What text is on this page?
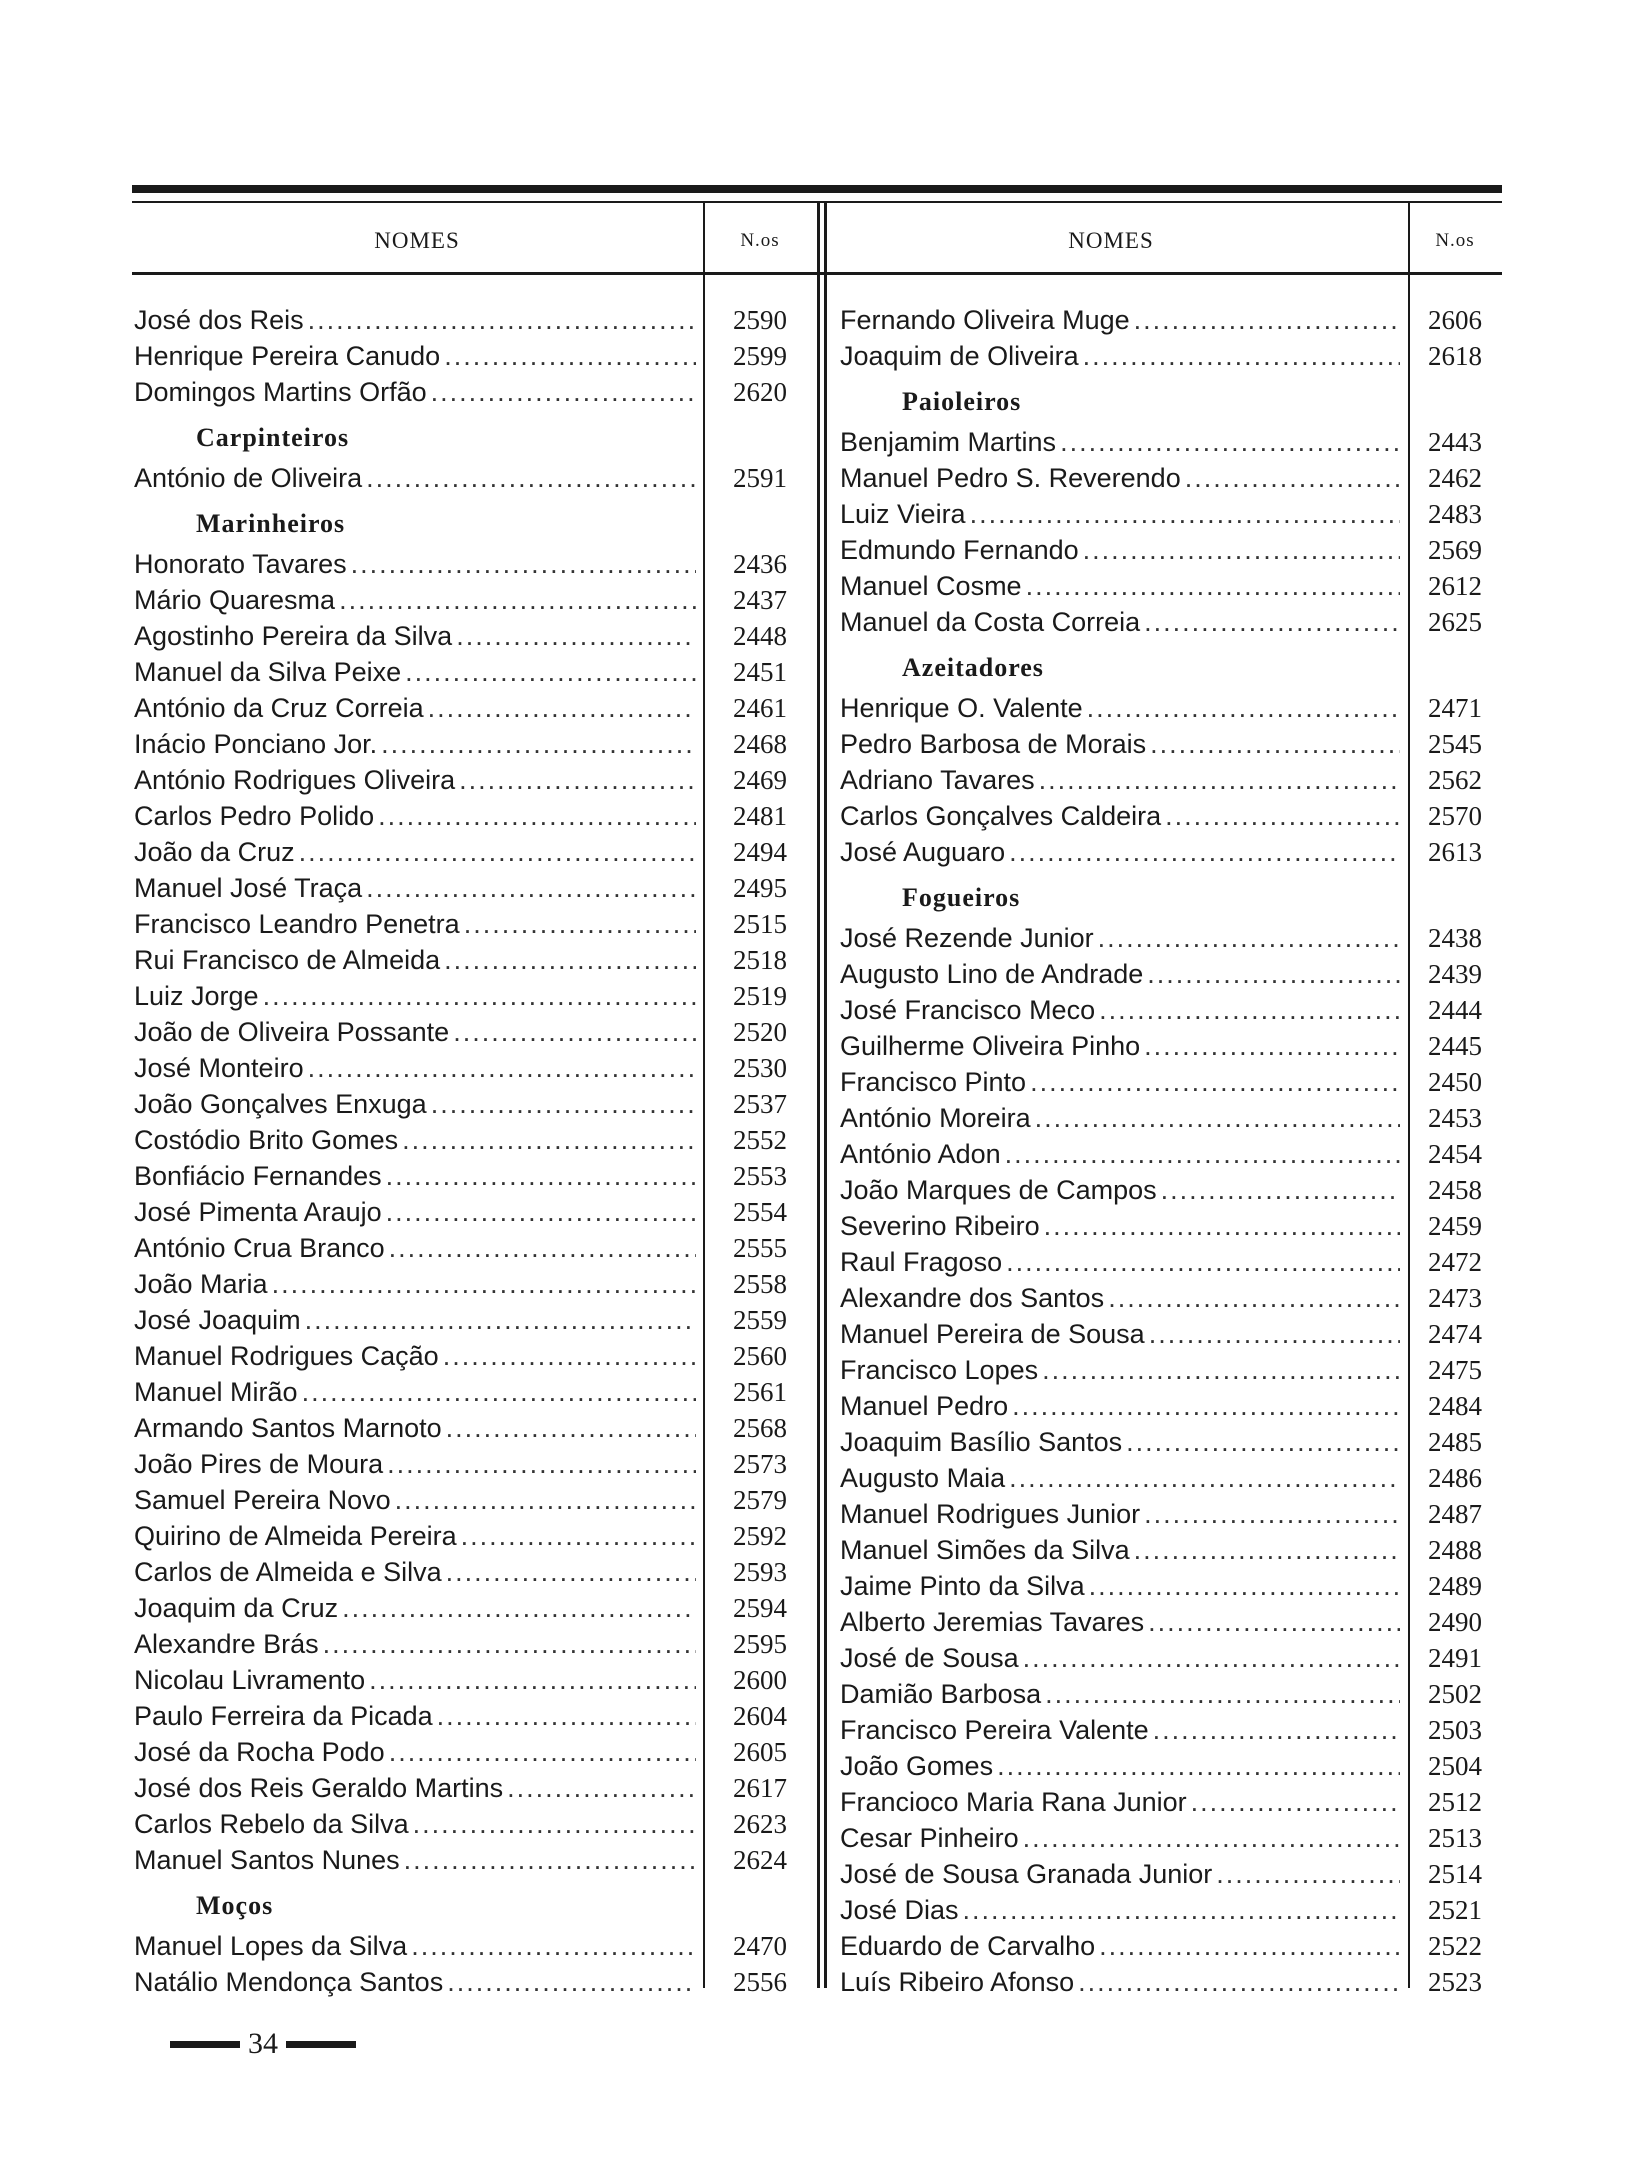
NOMES	N.os	NOMES	N.os
José dos Reis .....	2590
Henrique Pereira Canudo .....	2599
Domingos Martins Orfão .....	2620
Carpinteiros
António de Oliveira .....	2591
Marinheiros
Honorato Tavares .....	2436
Mário Quaresma .....	2437
Agostinho Pereira da Silva .....	2448
Manuel da Silva Peixe .....	2451
António da Cruz Correia .....	2461
Inácio Ponciano Jor. .....	2468
António Rodrigues Oliveira .....	2469
Carlos Pedro Polido .....	2481
João da Cruz .....	2494
Manuel José Traça .....	2495
Francisco Leandro Penetra .....	2515
Rui Francisco de Almeida .....	2518
Luiz Jorge .....	2519
João de Oliveira Possante .....	2520
José Monteiro .....	2530
João Gonçalves Enxuga .....	2537
Costódio Brito Gomes .....	2552
Bonfiácio Fernandes .....	2553
José Pimenta Araujo .....	2554
António Crua Branco .....	2555
João Maria .....	2558
José Joaquim .....	2559
Manuel Rodrigues Cação .....	2560
Manuel Mirão .....	2561
Armando Santos Marnoto .....	2568
João Pires de Moura .....	2573
Samuel Pereira Novo .....	2579
Quirino de Almeida Pereira .....	2592
Carlos de Almeida e Silva .....	2593
Joaquim da Cruz .....	2594
Alexandre Brás .....	2595
Nicolau Livramento .....	2600
Paulo Ferreira da Picada .....	2604
José da Rocha Podo .....	2605
José dos Reis Geraldo Martins .....	2617
Carlos Rebelo da Silva .....	2623
Manuel Santos Nunes .....	2624
Moços
Manuel Lopes da Silva .....	2470
Natálio Mendonça Santos .....	2556
Fernando Oliveira Muge .....	2606
Joaquim de Oliveira .....	2618
Paioleiros
Benjamim Martins .....	2443
Manuel Pedro S. Reverendo .....	2462
Luiz Vieira .....	2483
Edmundo Fernando .....	2569
Manuel Cosme .....	2612
Manuel da Costa Correia .....	2625
Azeitadores
Henrique O. Valente .....	2471
Pedro Barbosa de Morais .....	2545
Adriano Tavares .....	2562
Carlos Gonçalves Caldeira .....	2570
José Auguaro .....	2613
Fogueiros
José Rezende Junior .....	2438
Augusto Lino de Andrade .....	2439
José Francisco Meco .....	2444
Guilherme Oliveira Pinho .....	2445
Francisco Pinto .....	2450
António Moreira .....	2453
António Adon .....	2454
João Marques de Campos .....	2458
Severino Ribeiro .....	2459
Raul Fragoso .....	2472
Alexandre dos Santos .....	2473
Manuel Pereira de Sousa .....	2474
Francisco Lopes .....	2475
Manuel Pedro .....	2484
Joaquim Basílio Santos .....	2485
Augusto Maia .....	2486
Manuel Rodrigues Junior .....	2487
Manuel Simões da Silva .....	2488
Jaime Pinto da Silva .....	2489
Alberto Jeremias Tavares .....	2490
José de Sousa .....	2491
Damião Barbosa .....	2502
Francisco Pereira Valente .....	2503
João Gomes .....	2504
Francioco Maria Rana Junior .....	2512
Cesar Pinheiro .....	2513
José de Sousa Granada Junior .....	2514
José Dias .....	2521
Eduardo de Carvalho .....	2522
Luís Ribeiro Afonso .....	2523
34
